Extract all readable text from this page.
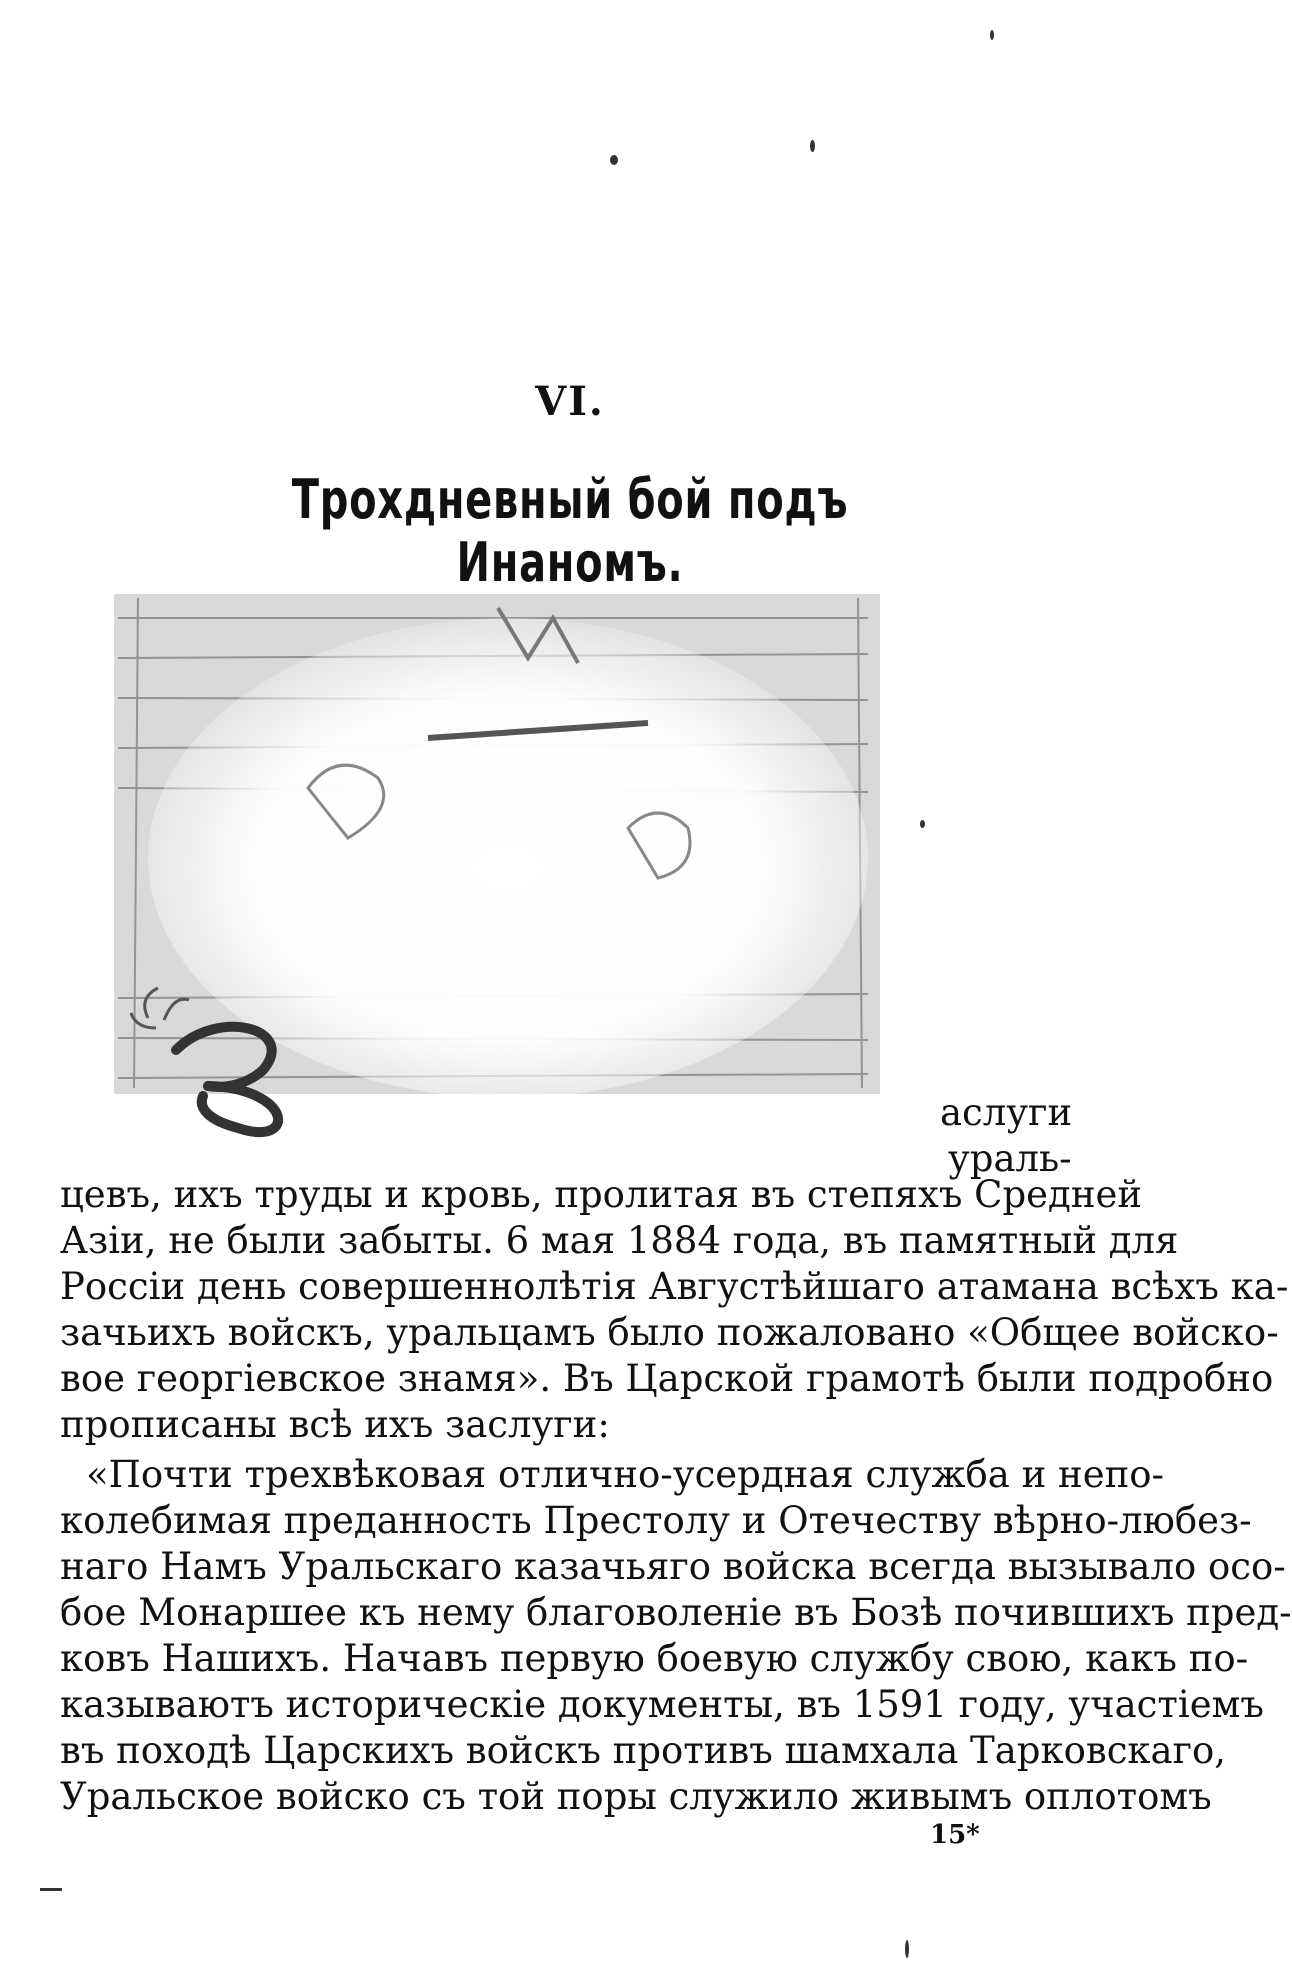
VI.
Трохдневный бой подъ Инаномъ.
аслуги
ураль-
цевъ, ихъ труды и кровь, пролитая въ степяхъ Средней
Азіи, не были забыты. 6 мая 1884 года, въ памятный для
Россіи день совершеннолѣтія Августѣйшаго атамана всѣхъ ка-
зачьихъ войскъ, уральцамъ было пожаловано «Общее войско-
вое георгіевское знамя». Въ Царской грамотѣ были подробно
прописаны всѣ ихъ заслуги:
«Почти трехвѣковая отлично-усердная служба и непо-
колебимая преданность Престолу и Отечеству вѣрно-любез-
наго Намъ Уральскаго казачьяго войска всегда вызывало осо-
бое Монаршее къ нему благоволеніе въ Бозѣ почившихъ пред-
ковъ Нашихъ. Начавъ первую боевую службу свою, какъ по-
казываютъ историческіе документы, въ 1591 году, участіемъ
въ походѣ Царскихъ войскъ противъ шамхала Тарковскаго,
Уральское войско съ той поры служило живымъ оплотомъ
15*
